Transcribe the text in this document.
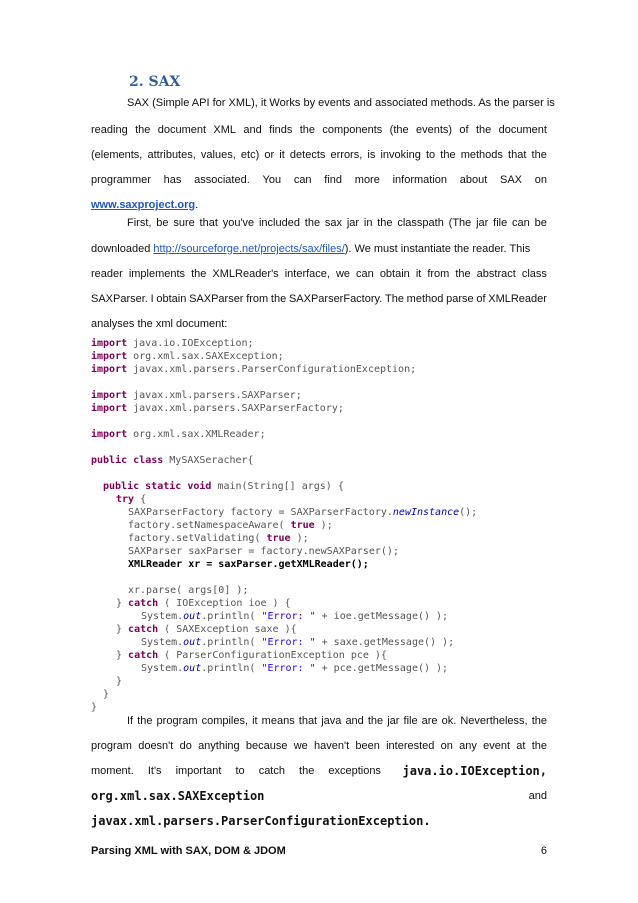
2. SAX
SAX (Simple API for XML), it Works by events and associated methods. As the parser is
reading the document XML and finds the components (the events) of the document
(elements, attributes, values, etc) or it detects errors, is invoking to the methods that the
programmer has associated. You can find more information about SAX on
www.saxproject.org.
First, be sure that you've included the sax jar in the classpath (The jar file can be
downloaded http://sourceforge.net/projects/sax/files/). We must instantiate the reader. This
reader implements the XMLReader's interface, we can obtain it from the abstract class
SAXParser. I obtain SAXParser from the SAXParserFactory. The method parse of XMLReader
analyses the xml document:
import java.io.IOException;
import org.xml.sax.SAXException;
import javax.xml.parsers.ParserConfigurationException;
import javax.xml.parsers.SAXParser;
import javax.xml.parsers.SAXParserFactory;
import org.xml.sax.XMLReader;
public class MySAXSeracher{
public static void main(String[] args) {
try {
SAXParserFactory factory = SAXParserFactory.newInstance();
factory.setNamespaceAware( true );
factory.setValidating( true );
SAXParser saxParser = factory.newSAXParser();
XMLReader xr = saxParser.getXMLReader();
xr.parse( args[0] );
} catch ( IOException ioe ) {
System.out.println( "Error: " + ioe.getMessage() );
} catch ( SAXException saxe ){
System.out.println( "Error: " + saxe.getMessage() );
} catch ( ParserConfigurationException pce ){
System.out.println( "Error: " + pce.getMessage() );
}
}
}
If the program compiles, it means that java and the jar file are ok. Nevertheless, the
program doesn't do anything because we haven't been interested on any event at the
moment. It's important to catch the exceptions java.io.IOException,
org.xml.sax.SAXException	and
javax.xml.parsers.ParserConfigurationException.
Parsing XML with SAX, DOM & JDOM	6
